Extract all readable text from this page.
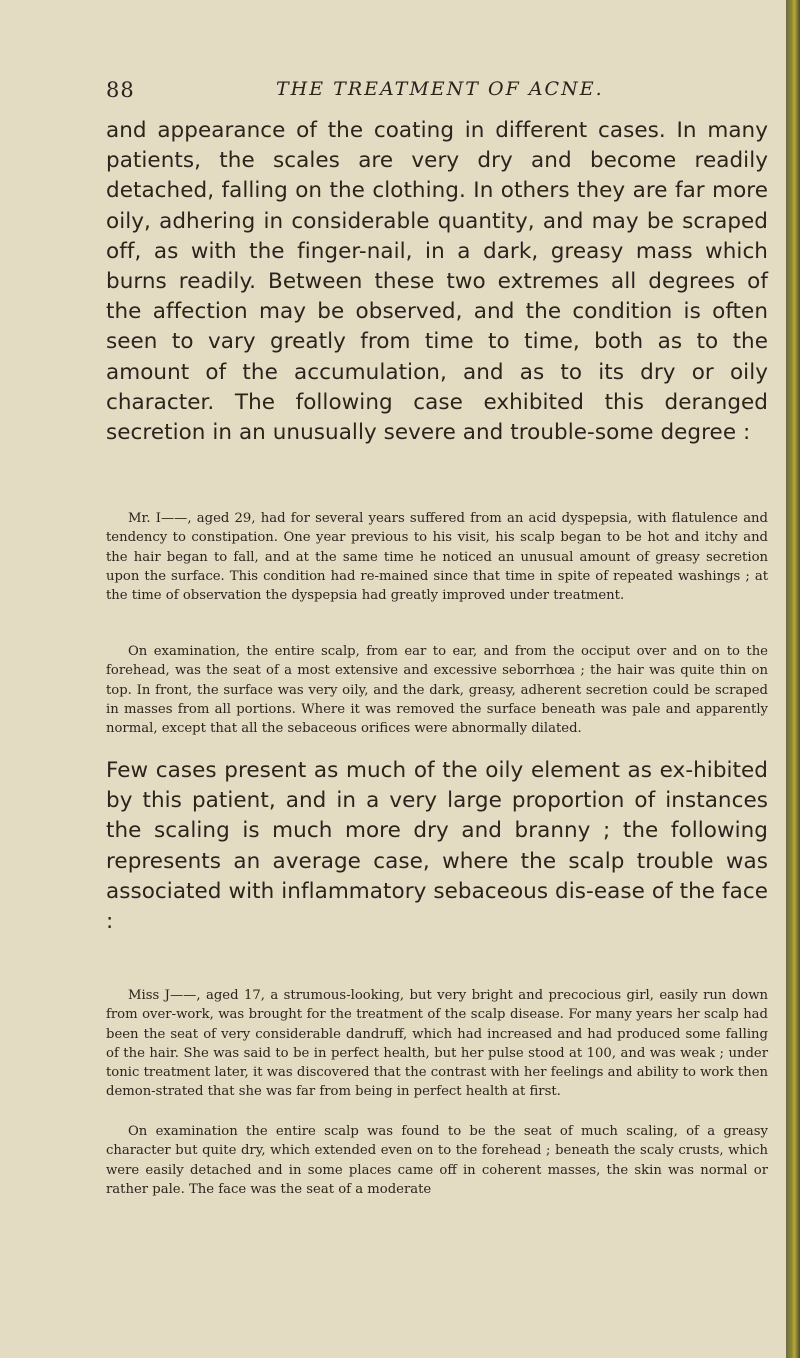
88	THE TREATMENT OF ACNE.

and appearance of the coating in different cases. In many patients, the scales are very dry and become readily detached, falling on the clothing. In others they are far more oily, adhering in considerable quantity, and may be scraped off, as with the finger-nail, in a dark, greasy mass which burns readily. Between these two extremes all degrees of the affection may be observed, and the condition is often seen to vary greatly from time to time, both as to the amount of the accumulation, and as to its dry or oily character. The following case exhibited this deranged secretion in an unusually severe and trouble-some degree :

Mr. I——, aged 29, had for several years suffered from an acid dyspepsia, with flatulence and tendency to constipation. One year previous to his visit, his scalp began to be hot and itchy and the hair began to fall, and at the same time he noticed an unusual amount of greasy secretion upon the surface. This condition had re-mained since that time in spite of repeated washings ; at the time of observation the dyspepsia had greatly improved under treatment.

On examination, the entire scalp, from ear to ear, and from the occiput over and on to the forehead, was the seat of a most extensive and excessive seborrhœa ; the hair was quite thin on top. In front, the surface was very oily, and the dark, greasy, adherent secretion could be scraped in masses from all portions. Where it was removed the surface beneath was pale and apparently normal, except that all the sebaceous orifices were abnormally dilated.

Few cases present as much of the oily element as ex-hibited by this patient, and in a very large proportion of instances the scaling is much more dry and branny ; the following represents an average case, where the scalp trouble was associated with inflammatory sebaceous dis-ease of the face :

Miss J——, aged 17, a strumous-looking, but very bright and precocious girl, easily run down from over-work, was brought for the treatment of the scalp disease. For many years her scalp had been the seat of very considerable dandruff, which had increased and had produced some falling of the hair. She was said to be in perfect health, but her pulse stood at 100, and was weak ; under tonic treatment later, it was discovered that the contrast with her feelings and ability to work then demon-strated that she was far from being in perfect health at first.

On examination the entire scalp was found to be the seat of much scaling, of a greasy character but quite dry, which extended even on to the forehead ; beneath the scaly crusts, which were easily detached and in some places came off in coherent masses, the skin was normal or rather pale. The face was the seat of a moderate
